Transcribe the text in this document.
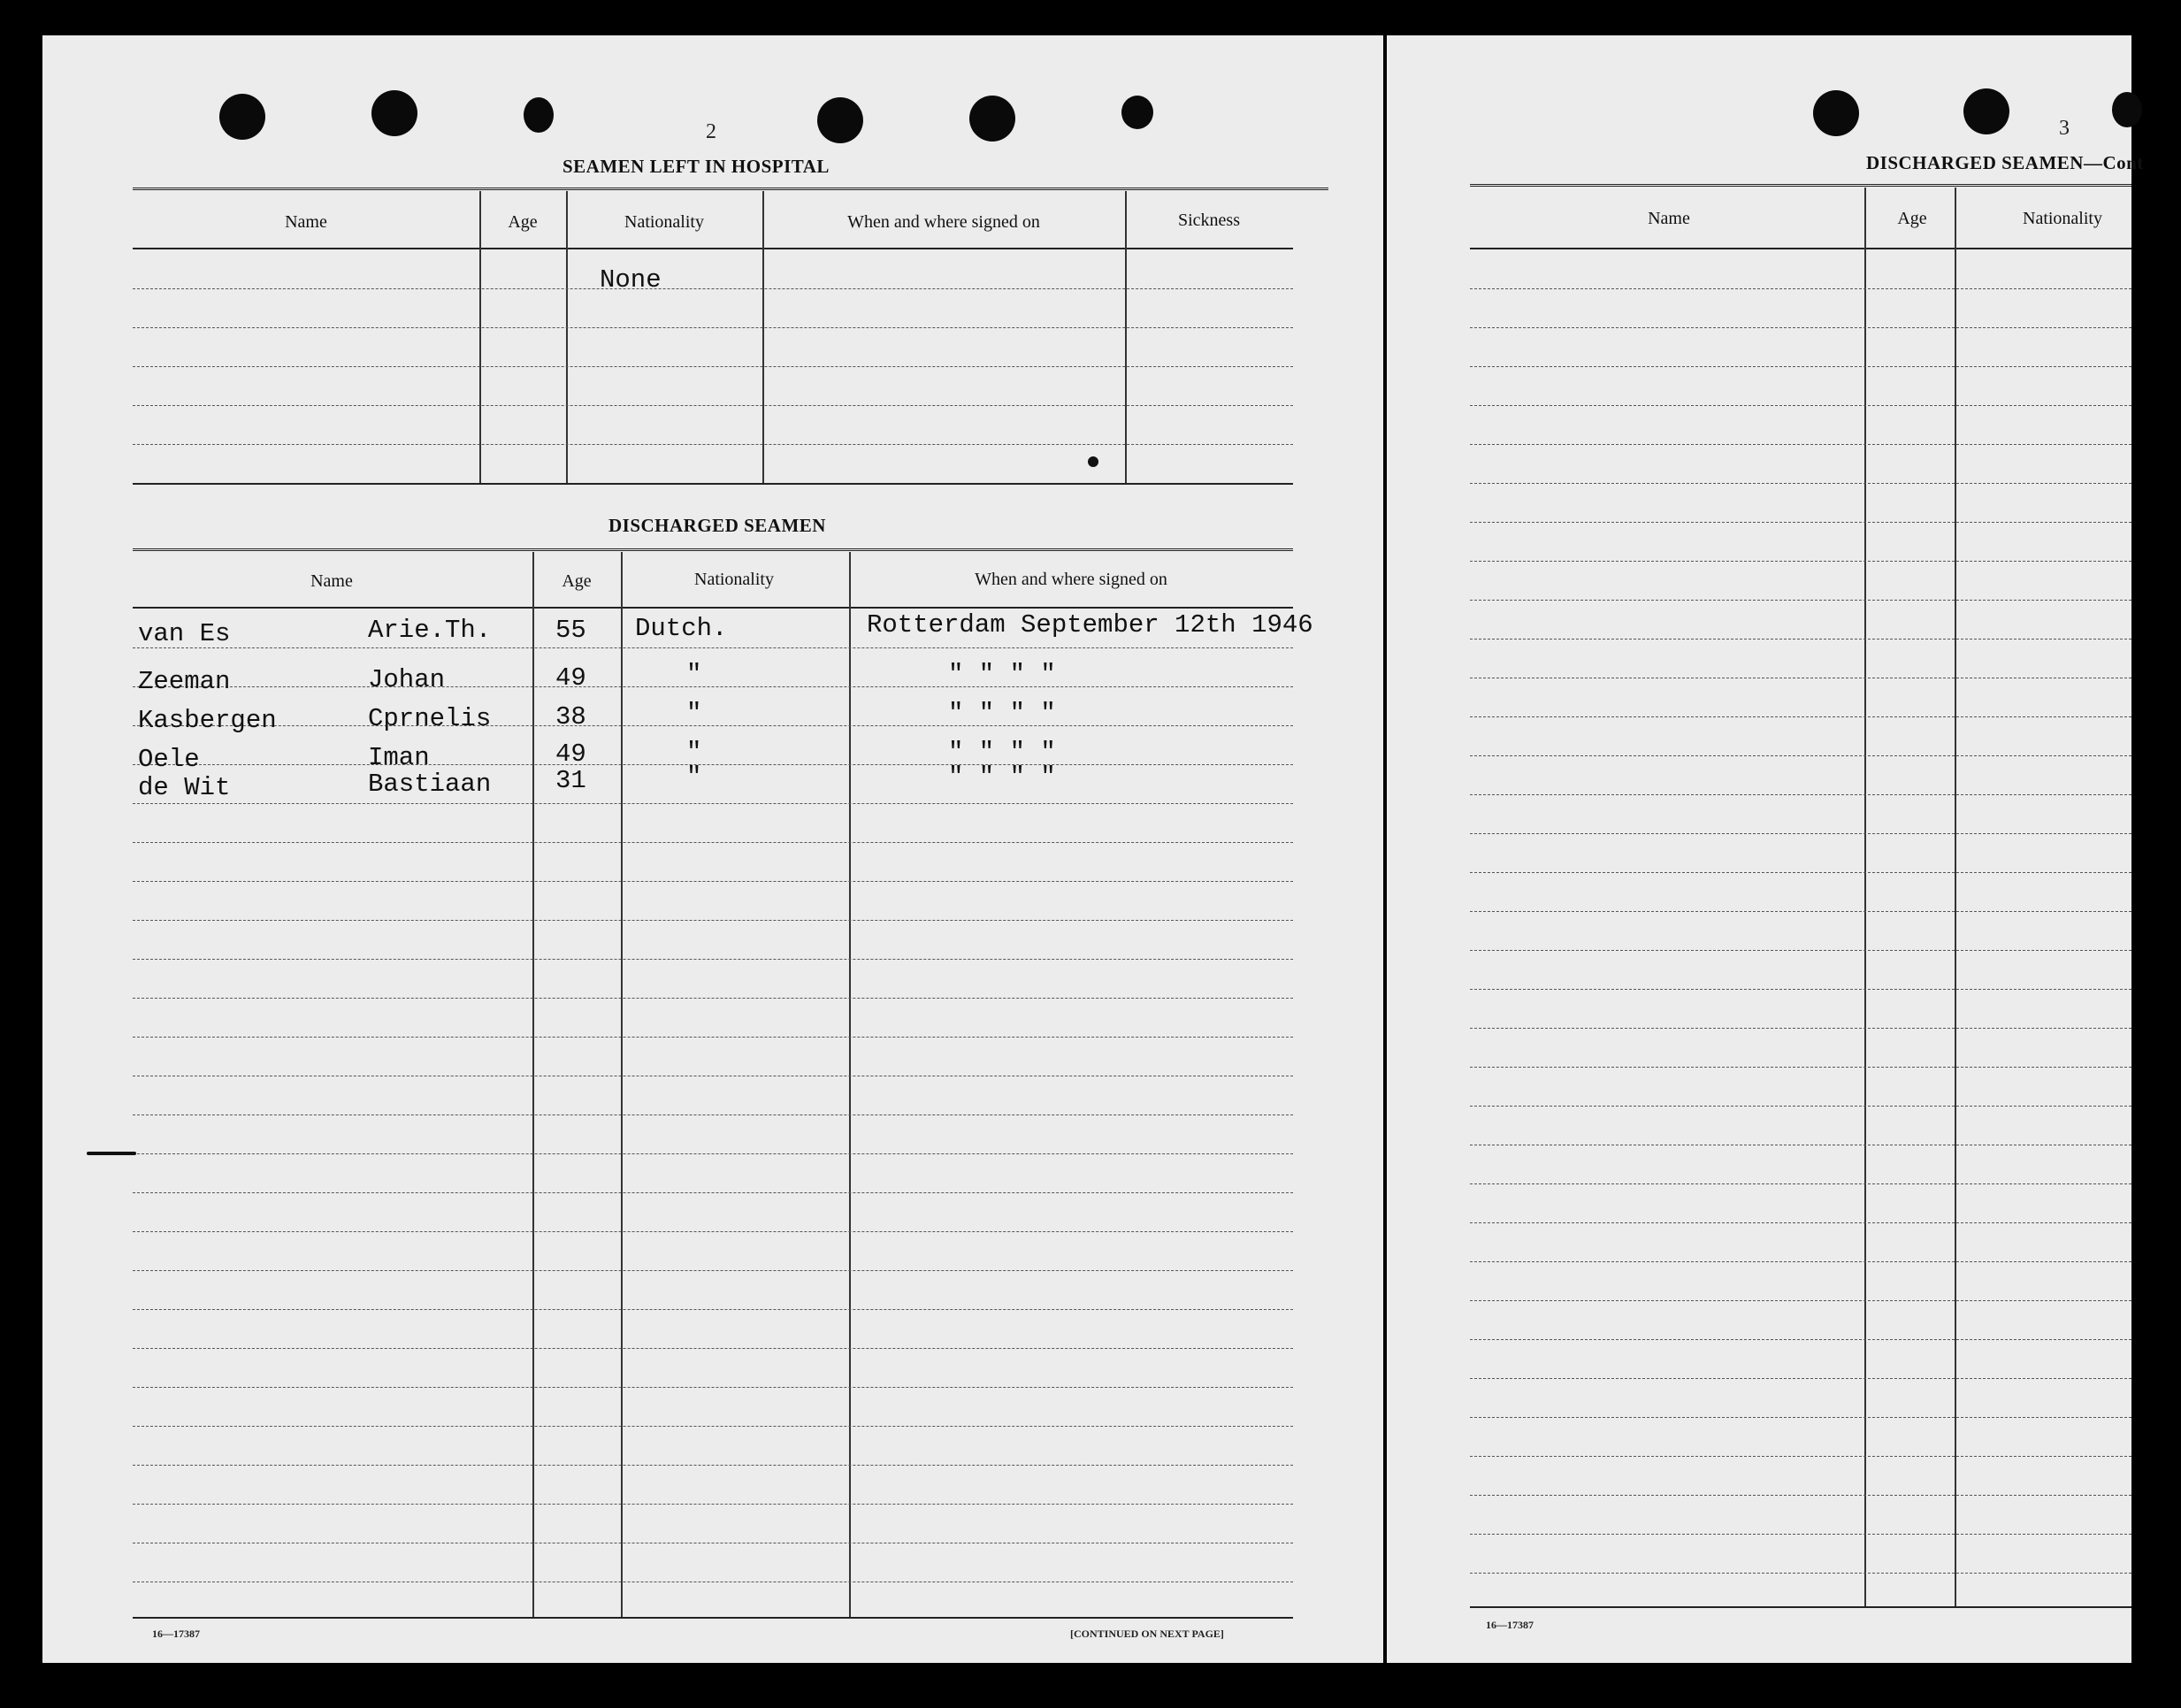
2
SEAMEN LEFT IN HOSPITAL
Name	Age	Nationality	When and where signed on	Sickness
None
DISCHARGED SEAMEN
Name	Age	Nationality	When and where signed on
van Es	Arie.Th.	55 Dutch.	Rotterdam September 12th 1946
Zeeman	Johan	49	"	" " " "
Kasbergen	Cprnelis	38	"	" " " "
Oele	Iman	49	"	" " " "
de Wit	Bastiaan	31	"	" " " "
16—17387	[CONTINUED ON NEXT PAGE]
3
DISCHARGED SEAMEN—Cont
Name	Age	Nationality
16—17387
